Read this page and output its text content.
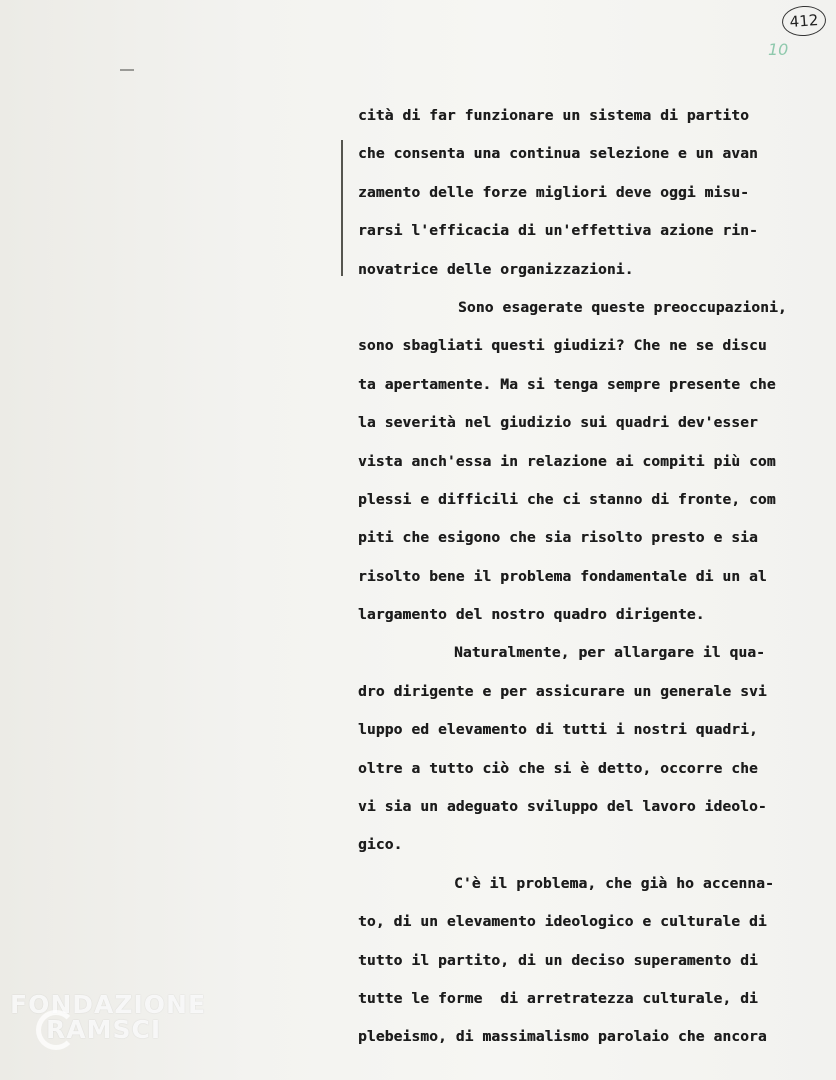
412
10
cità di far funzionare un sistema di partito
che consenta una continua selezione e un avan
zamento delle forze migliori deve oggi misu-
rarsi l'efficacia di un'effettiva azione rin-
novatrice delle organizzazioni.
Sono esagerate queste preoccupazioni,
sono sbagliati questi giudizi? Che ne se discu
ta apertamente. Ma si tenga sempre presente che
la severità nel giudizio sui quadri dev'esser
vista anch'essa in relazione ai compiti più com
plessi e difficili che ci stanno di fronte, com
piti che esigono che sia risolto presto e sia
risolto bene il problema fondamentale di un al
largamento del nostro quadro dirigente.
Naturalmente, per allargare il qua-
dro dirigente e per assicurare un generale svi
luppo ed elevamento di tutti i nostri quadri,
oltre a tutto ciò che si è detto, occorre che
vi sia un adeguato sviluppo del lavoro ideolo-
gico.
C'è il problema, che già ho accenna-
to, di un elevamento ideologico e culturale di
tutto il partito, di un deciso superamento di
tutte le forme  di arretratezza culturale, di
plebeismo, di massimalismo parolaio che ancora
FONDAZIONE
RAMSCI
